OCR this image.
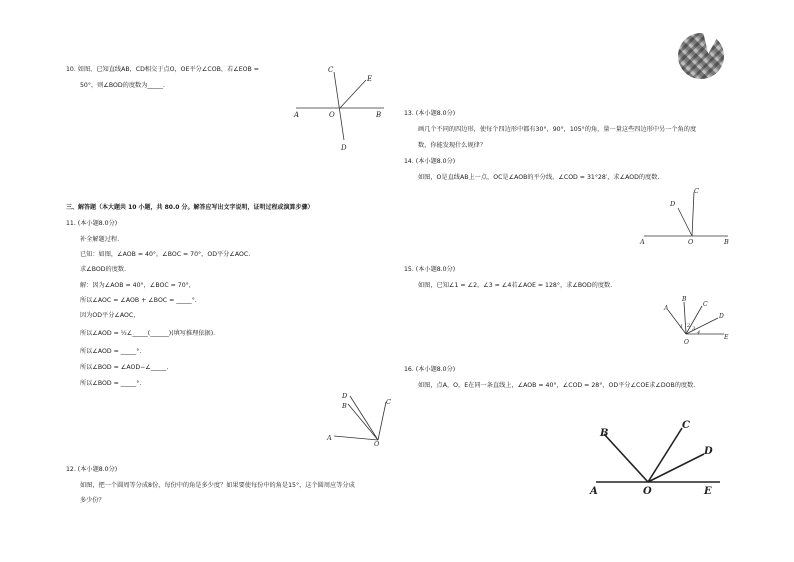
10. 如图，已知直线AB，CD相交于点O，OE平分∠COB，若∠EOB =
50°，则∠BOD的度数为_____.
A	B
C
D
E
O
三、解答题（本大题共 10 小题，共 80.0 分。解答应写出文字说明，证明过程或演算步骤）
11. (本小题8.0分)
补全解题过程.
已知：如图，∠AOB = 40°，∠BOC = 70°，OD平分∠AOC.
求∠BOD的度数.
解：因为∠AOB = 40°，∠BOC = 70°，
所以∠AOC = ∠AOB + ∠BOC = _____°.
因为OD平分∠AOC，
所以∠AOD = ½∠_____(______)(填写推理依据).
所以∠AOD = _____°.
所以∠BOD = ∠AOD−∠_____.
所以∠BOD = _____°.
A
B
D
C
O
12. (本小题8.0分)
如图，把一个圆周等分成8份，每份中的角是多少度？如果要使每份中的角是15°，这个圆周应等分成
多少份？
13. (本小题8.0分)
画几个不同的四边形，使每个四边形中都有30°，90°，105°的角，量一量这些四边形中另一个角的度
数，你能发现什么规律？
14. (本小题8.0分)
如图，O是直线AB上一点，OC是∠AOB的平分线，∠COD = 31°28′，求∠AOD的度数.
A	B
C
D
O
15. (本小题8.0分)
如图，已知∠1 = ∠2，∠3 = ∠4若∠AOE = 128°，求∠BOD的度数.
A
B
C
D
E
O
1 2 3
4
16. (本小题8.0分)
如图，点A，O，E在同一条直线上，∠AOB = 40°，∠COD = 28°，OD平分∠COE求∠DOB的度数.
A
B
C
D
E
O
